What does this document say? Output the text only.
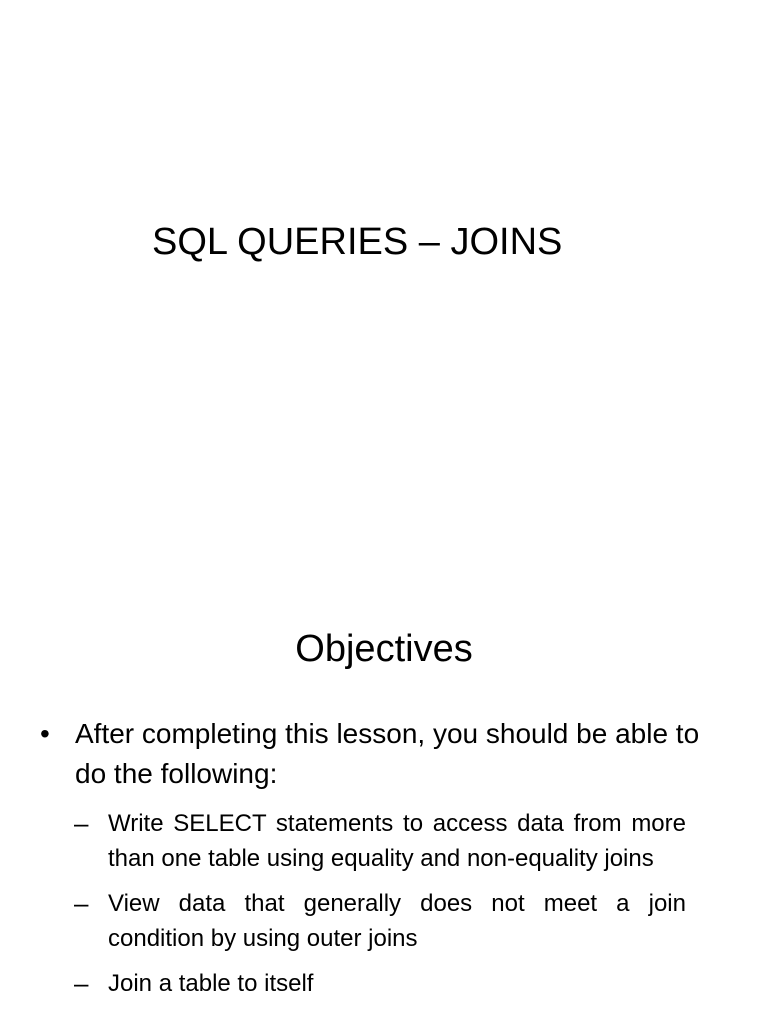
SQL QUERIES – JOINS
Objectives
• After completing this lesson, you should be able to do the following:
– Write SELECT statements to access data from more than one table using equality and non-equality joins
– View data that generally does not meet a join condition by using outer joins
– Join a table to itself
